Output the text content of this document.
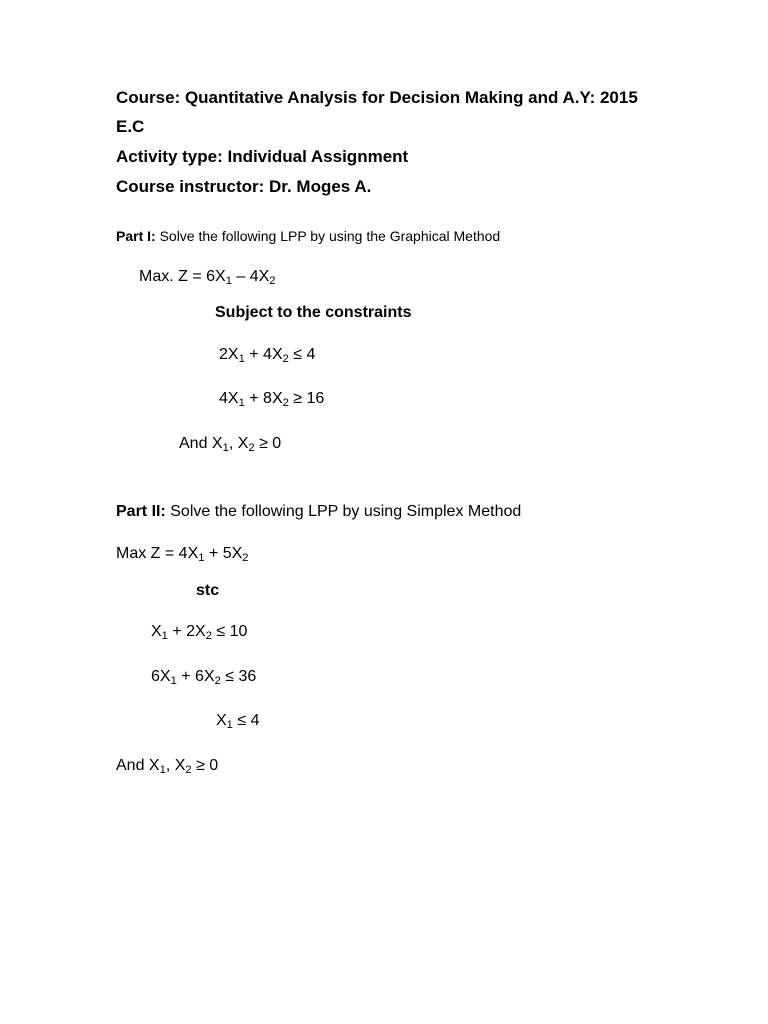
Course: Quantitative Analysis for Decision Making and A.Y: 2015
E.C
Activity type: Individual Assignment
Course instructor: Dr. Moges A.
Part I: Solve the following LPP by using the Graphical Method
Max. $Z = 6X_1 - 4X_2$
Subject to the constraints
$2X_1 + 4X_2 \le 4$
$4X_1 + 8X_2 \ge 16$
And $X_1$, $X_2 \ge 0$
Part II: Solve the following LPP by using Simplex Method
Max $Z = 4X_1 + 5X_2$
stc
$X_1 + 2X_2 \le 10$
$6X_1 + 6X_2 \le 36$
$X_1 \le 4$
And $X_1$, $X_2 \ge 0$
